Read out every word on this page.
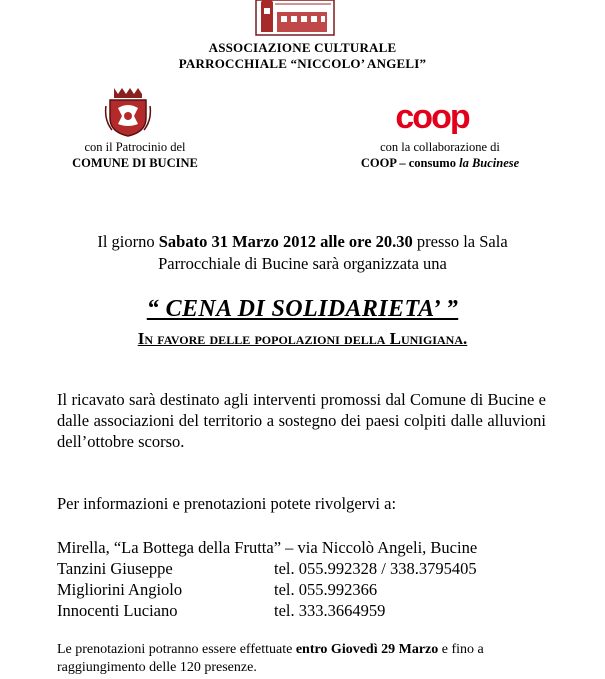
ASSOCIAZIONE CULTURALE
PARROCCHIALE “NICCOLO’ ANGELI”
con il Patrocinio del
COMUNE DI BUCINE
coop
con la collaborazione di
COOP – consumo la Bucinese
Il giorno Sabato 31 Marzo 2012 alle ore 20.30 presso la Sala
Parrocchiale di Bucine sarà organizzata una
“ CENA DI SOLIDARIETA’ ”
In favore delle popolazioni della Lunigiana.
Il ricavato sarà destinato agli interventi promossi dal Comune di Bucine e dalle associazioni del territorio a sostegno dei paesi colpiti dalle alluvioni dell’ottobre scorso.
Per informazioni e prenotazioni potete rivolgervi a:
Mirella, “La Bottega della Frutta” – via Niccolò Angeli, Bucine
Tanzini Giuseppe	tel. 055.992328 / 338.3795405
Migliorini Angiolo	tel. 055.992366
Innocenti Luciano	tel. 333.3664959
Le prenotazioni potranno essere effettuate entro Giovedì 29 Marzo e fino a raggiungimento delle 120 presenze.
